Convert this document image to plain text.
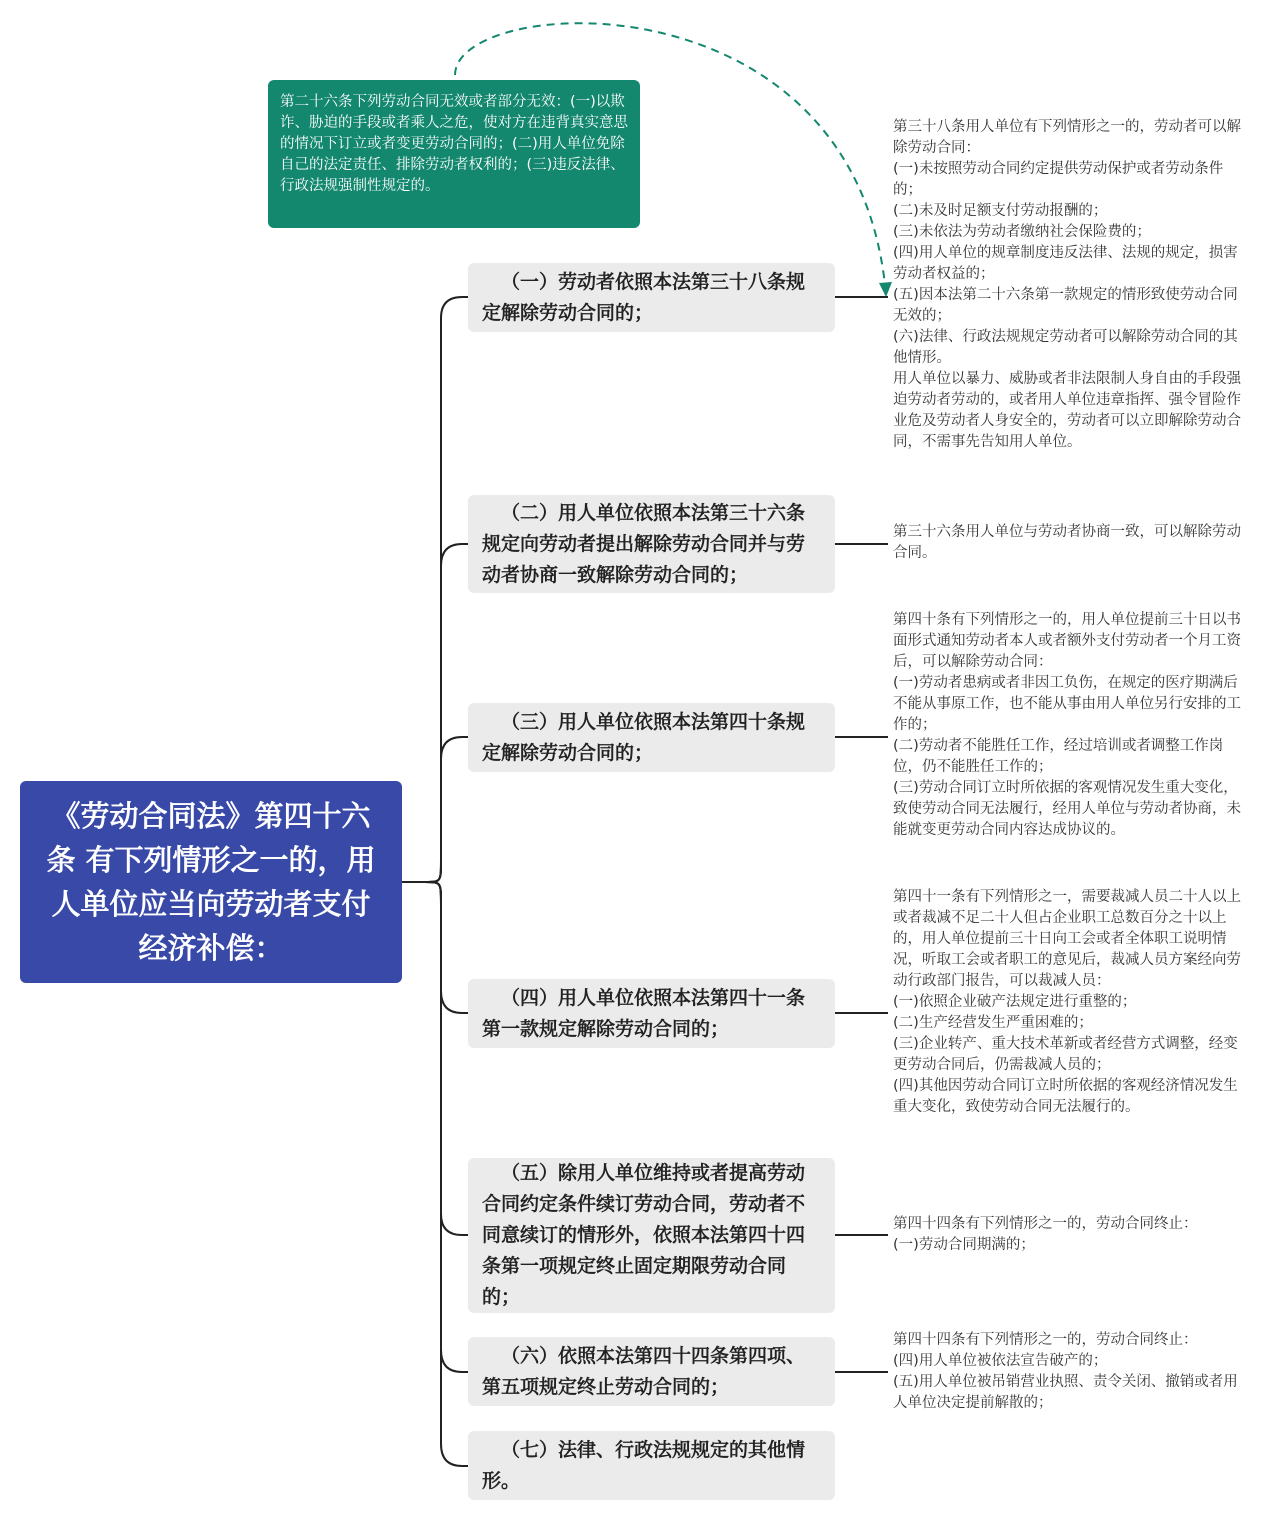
《劳动合同法》第四十六条 有下列情形之一的，用人单位应当向劳动者支付经济补偿：
第二十六条下列劳动合同无效或者部分无效：(一)以欺诈、胁迫的手段或者乘人之危，使对方在违背真实意思的情况下订立或者变更劳动合同的；(二)用人单位免除自己的法定责任、排除劳动者权利的；(三)违反法律、行政法规强制性规定的。
（一）劳动者依照本法第三十八条规定解除劳动合同的；
（二）用人单位依照本法第三十六条规定向劳动者提出解除劳动合同并与劳动者协商一致解除劳动合同的；
（三）用人单位依照本法第四十条规定解除劳动合同的；
（四）用人单位依照本法第四十一条第一款规定解除劳动合同的；
（五）除用人单位维持或者提高劳动合同约定条件续订劳动合同，劳动者不同意续订的情形外，依照本法第四十四条第一项规定终止固定期限劳动合同的；
（六）依照本法第四十四条第四项、第五项规定终止劳动合同的；
（七）法律、行政法规规定的其他情形。
第三十八条用人单位有下列情形之一的，劳动者可以解除劳动合同：
(一)未按照劳动合同约定提供劳动保护或者劳动条件的；
(二)未及时足额支付劳动报酬的；
(三)未依法为劳动者缴纳社会保险费的；
(四)用人单位的规章制度违反法律、法规的规定，损害劳动者权益的；
(五)因本法第二十六条第一款规定的情形致使劳动合同无效的；
(六)法律、行政法规规定劳动者可以解除劳动合同的其他情形。
用人单位以暴力、威胁或者非法限制人身自由的手段强迫劳动者劳动的，或者用人单位违章指挥、强令冒险作业危及劳动者人身安全的，劳动者可以立即解除劳动合同，不需事先告知用人单位。
第三十六条用人单位与劳动者协商一致，可以解除劳动合同。
第四十条有下列情形之一的，用人单位提前三十日以书面形式通知劳动者本人或者额外支付劳动者一个月工资后，可以解除劳动合同：
(一)劳动者患病或者非因工负伤，在规定的医疗期满后不能从事原工作，也不能从事由用人单位另行安排的工作的；
(二)劳动者不能胜任工作，经过培训或者调整工作岗位，仍不能胜任工作的；
(三)劳动合同订立时所依据的客观情况发生重大变化，致使劳动合同无法履行，经用人单位与劳动者协商，未能就变更劳动合同内容达成协议的。
第四十一条有下列情形之一，需要裁减人员二十人以上或者裁减不足二十人但占企业职工总数百分之十以上的，用人单位提前三十日向工会或者全体职工说明情况，听取工会或者职工的意见后，裁减人员方案经向劳动行政部门报告，可以裁减人员：
(一)依照企业破产法规定进行重整的；
(二)生产经营发生严重困难的；
(三)企业转产、重大技术革新或者经营方式调整，经变更劳动合同后，仍需裁减人员的；
(四)其他因劳动合同订立时所依据的客观经济情况发生重大变化，致使劳动合同无法履行的。
第四十四条有下列情形之一的，劳动合同终止：
(一)劳动合同期满的；
第四十四条有下列情形之一的，劳动合同终止：
(四)用人单位被依法宣告破产的；
(五)用人单位被吊销营业执照、责令关闭、撤销或者用人单位决定提前解散的；
